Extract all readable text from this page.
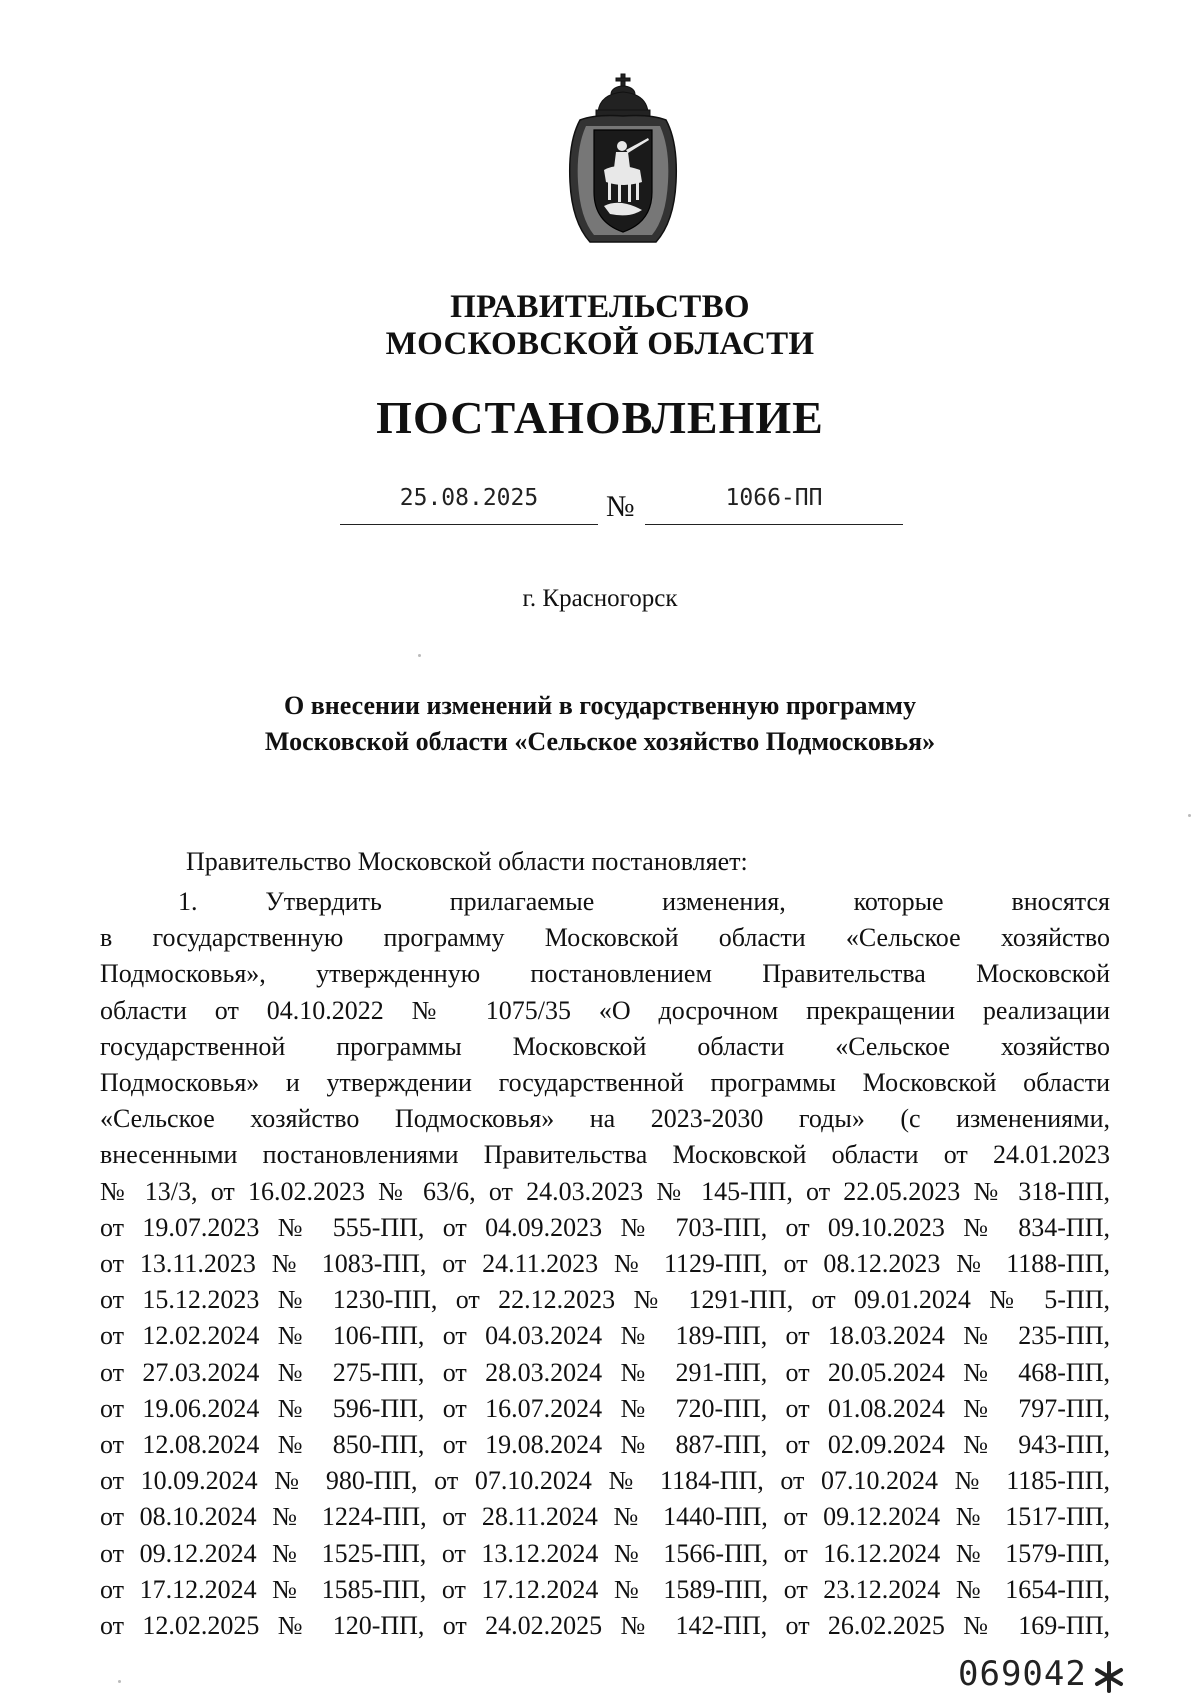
ПРАВИТЕЛЬСТВО
МОСКОВСКОЙ ОБЛАСТИ
ПОСТАНОВЛЕНИЕ
25.08.2025	№	1066-ПП
г. Красногорск
О внесении изменений в государственную программу
Московской области «Сельское хозяйство Подмосковья»
Правительство Московской области постановляет:
1. Утвердить прилагаемые изменения, которые вносятся
в государственную программу Московской области «Сельское хозяйство
Подмосковья», утвержденную постановлением Правительства Московской
области от 04.10.2022 № 1075/35 «О досрочном прекращении реализации
государственной программы Московской области «Сельское хозяйство
Подмосковья» и утверждении государственной программы Московской области
«Сельское хозяйство Подмосковья» на 2023-2030 годы» (с изменениями,
внесенными постановлениями Правительства Московской области от 24.01.2023
№ 13/3, от 16.02.2023 № 63/6, от 24.03.2023 № 145-ПП, от 22.05.2023 № 318-ПП,
от 19.07.2023 № 555-ПП, от 04.09.2023 № 703-ПП, от 09.10.2023 № 834-ПП,
от 13.11.2023 № 1083-ПП, от 24.11.2023 № 1129-ПП, от 08.12.2023 № 1188-ПП,
от 15.12.2023 № 1230-ПП, от 22.12.2023 № 1291-ПП, от 09.01.2024 № 5-ПП,
от 12.02.2024 № 106-ПП, от 04.03.2024 № 189-ПП, от 18.03.2024 № 235-ПП,
от 27.03.2024 № 275-ПП, от 28.03.2024 № 291-ПП, от 20.05.2024 № 468-ПП,
от 19.06.2024 № 596-ПП, от 16.07.2024 № 720-ПП, от 01.08.2024 № 797-ПП,
от 12.08.2024 № 850-ПП, от 19.08.2024 № 887-ПП, от 02.09.2024 № 943-ПП,
от 10.09.2024 № 980-ПП, от 07.10.2024 № 1184-ПП, от 07.10.2024 № 1185-ПП,
от 08.10.2024 № 1224-ПП, от 28.11.2024 № 1440-ПП, от 09.12.2024 № 1517-ПП,
от 09.12.2024 № 1525-ПП, от 13.12.2024 № 1566-ПП, от 16.12.2024 № 1579-ПП,
от 17.12.2024 № 1585-ПП, от 17.12.2024 № 1589-ПП, от 23.12.2024 № 1654-ПП,
от 12.02.2025 № 120-ПП, от 24.02.2025 № 142-ПП, от 26.02.2025 № 169-ПП,
069042
